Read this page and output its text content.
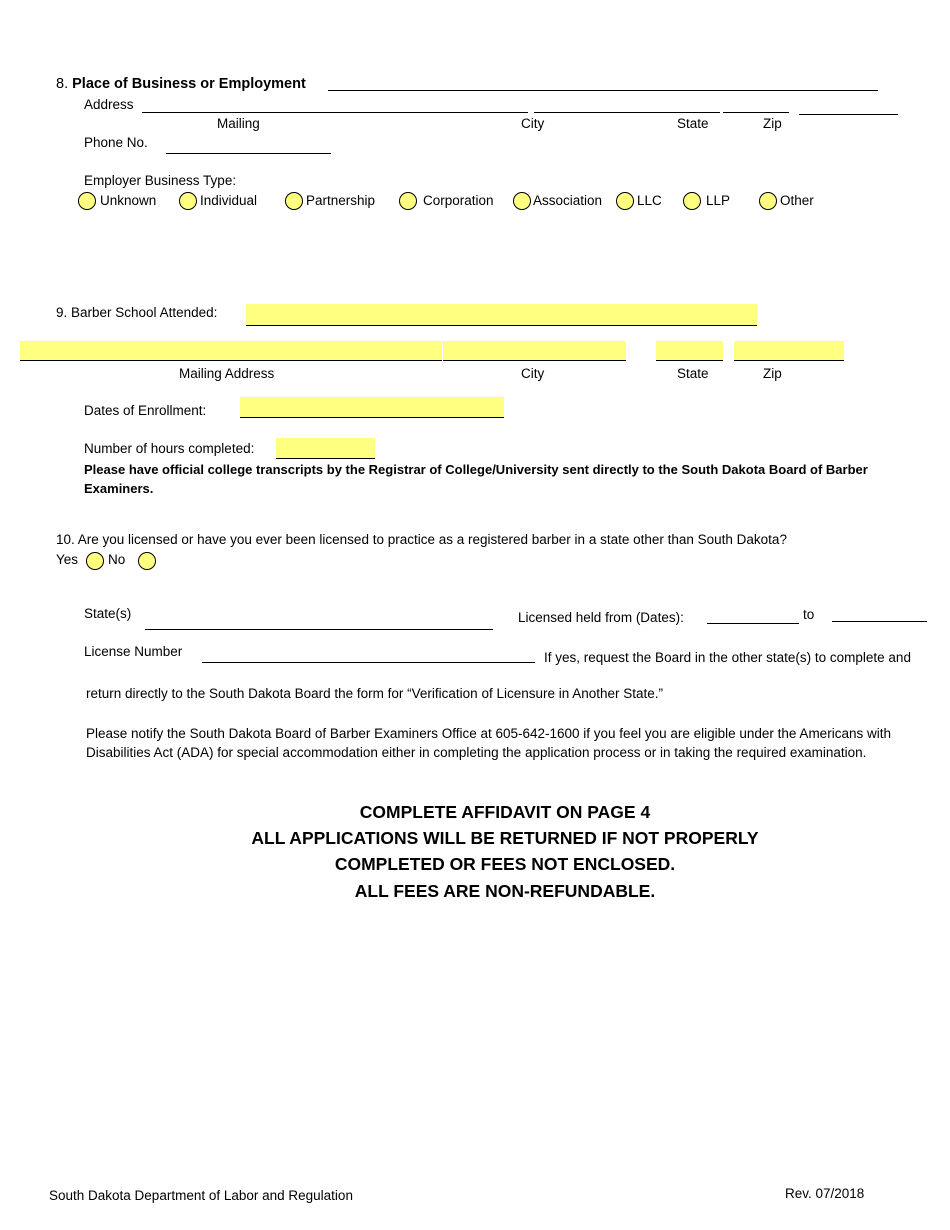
8. Place of Business or Employment
Address
Mailing	City	State	Zip
Phone No.
Employer Business Type:
Unknown	Individual	Partnership	Corporation	Association	LLC	LLP	Other
9. Barber School Attended:
Mailing Address	City	State	Zip
Dates of Enrollment:
Number of hours completed:
Please have official college transcripts by the Registrar of College/University sent directly to the South Dakota Board of Barber Examiners.
10. Are you licensed or have you ever been licensed to practice as a registered barber in a state other than South Dakota?
Yes No
State(s)	Licensed held from (Dates):	to
License Number	If yes, request the Board in the other state(s) to complete and
return directly to the South Dakota Board the form for “Verification of Licensure in Another State.”
Please notify the South Dakota Board of Barber Examiners Office at 605-642-1600 if you feel you are eligible under the Americans with Disabilities Act (ADA) for special accommodation either in completing the application process or in taking the required examination.
COMPLETE AFFIDAVIT ON PAGE 4
ALL APPLICATIONS WILL BE RETURNED IF NOT PROPERLY
COMPLETED OR FEES NOT ENCLOSED.
ALL FEES ARE NON-REFUNDABLE.
South Dakota Department of Labor and Regulation	Rev. 07/2018
